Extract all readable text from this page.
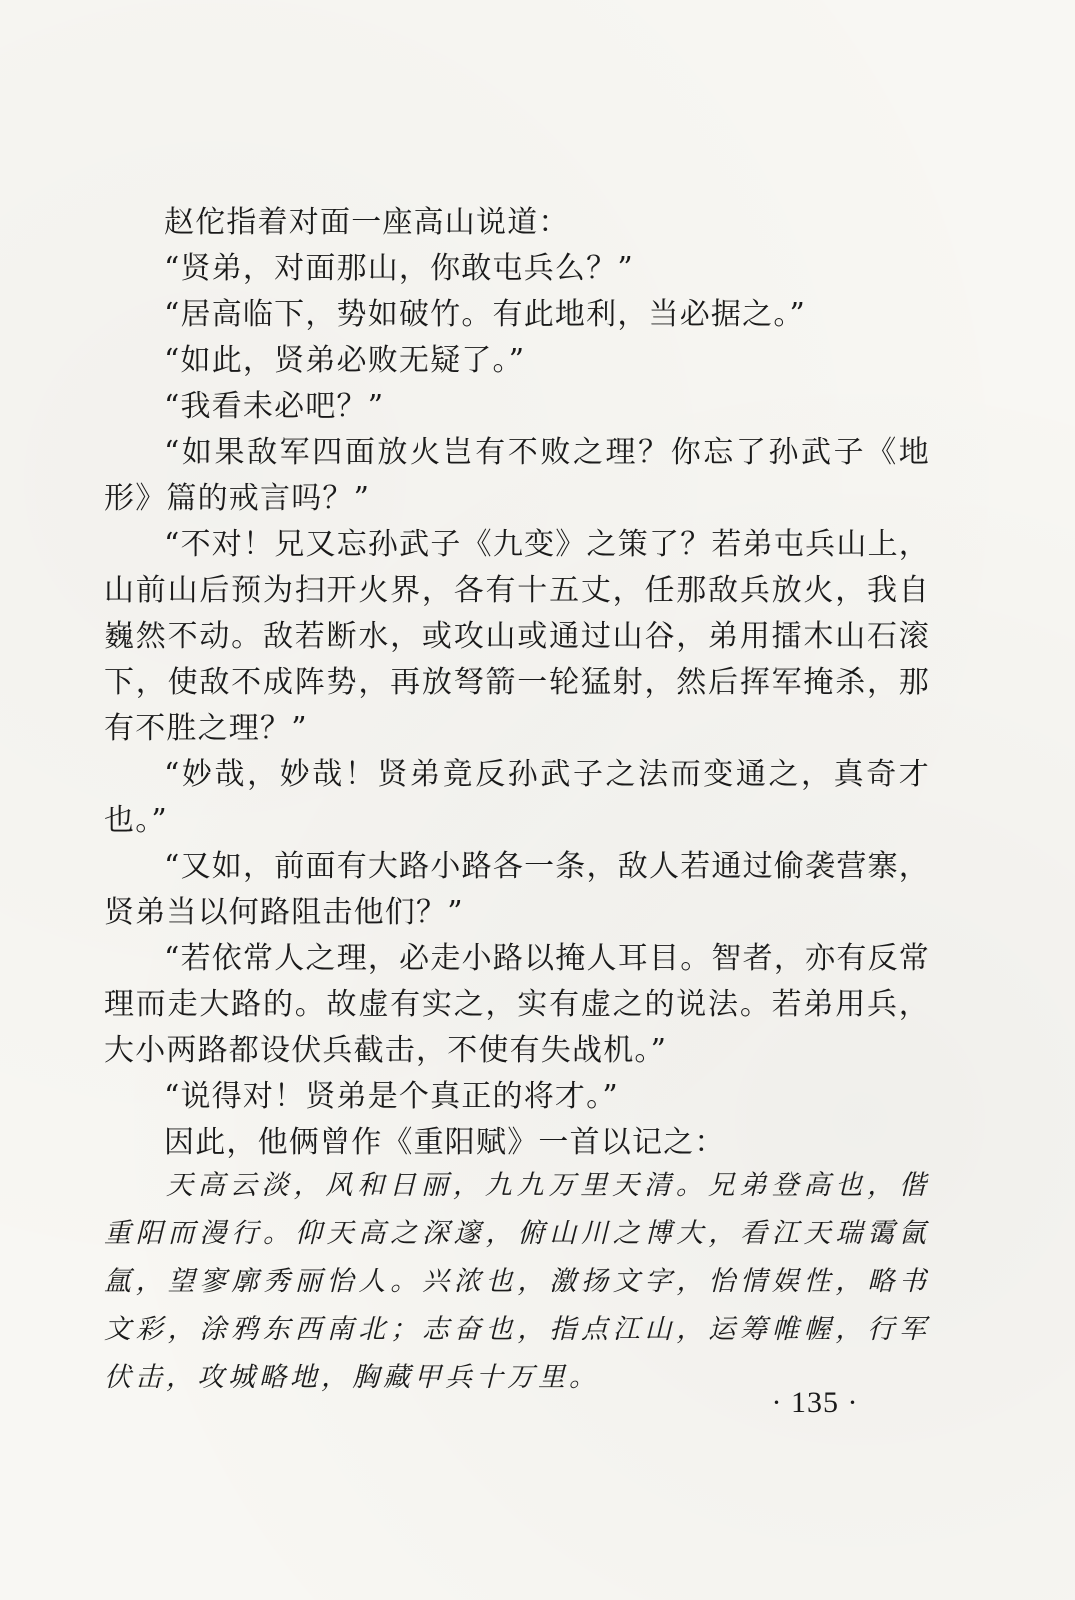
赵佗指着对面一座高山说道：

“贤弟，对面那山，你敢屯兵么？”

“居高临下，势如破竹。有此地利，当必据之。”

“如此，贤弟必败无疑了。”

“我看未必吧？”

“如果敌军四面放火岂有不败之理？你忘了孙武子《地形》篇的戒言吗？”

“不对！兄又忘孙武子《九变》之策了？若弟屯兵山上，山前山后预为扫开火界，各有十五丈，任那敌兵放火，我自巍然不动。敌若断水，或攻山或通过山谷，弟用擂木山石滚下，使敌不成阵势，再放弩箭一轮猛射，然后挥军掩杀，那有不胜之理？”

“妙哉，妙哉！贤弟竟反孙武子之法而变通之，真奇才也。”

“又如，前面有大路小路各一条，敌人若通过偷袭营寨，贤弟当以何路阻击他们？”

“若依常人之理，必走小路以掩人耳目。智者，亦有反常理而走大路的。故虚有实之，实有虚之的说法。若弟用兵，大小两路都设伏兵截击，不使有失战机。”

“说得对！贤弟是个真正的将才。”

因此，他俩曾作《重阳赋》一首以记之：

天高云淡，风和日丽，九九万里天清。兄弟登高也，偕重阳而漫行。仰天高之深邃，俯山川之博大，看江天瑞霭氤氲，望寥廓秀丽怡人。兴浓也，激扬文字，怡情娱性，略书文彩，涂鸦东西南北；志奋也，指点江山，运筹帷幄，行军伏击，攻城略地，胸藏甲兵十万里。

· 135 ·
